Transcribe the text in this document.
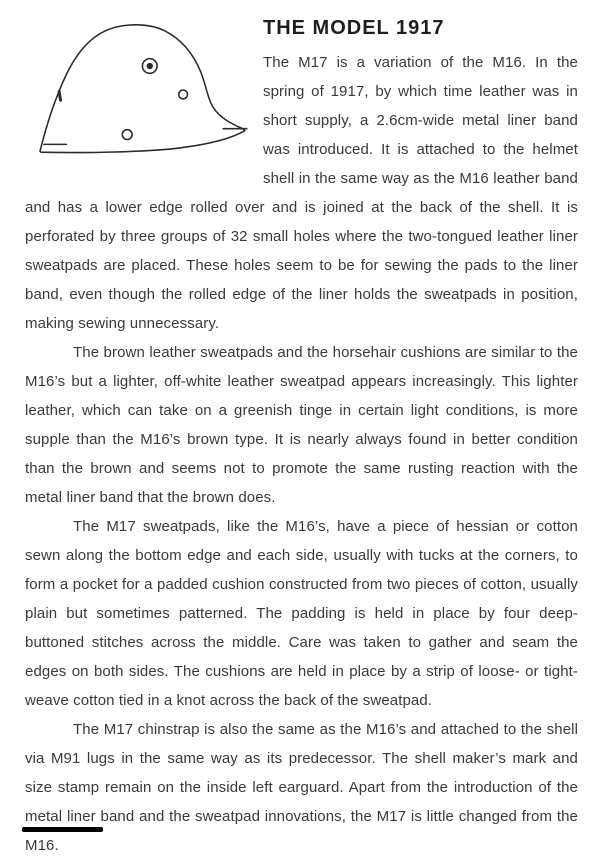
THE MODEL 1917

The M17 is a variation of the M16. In the spring of 1917, by which time leather was in short supply, a 2.6cm-wide metal liner band was introduced. It is attached to the helmet shell in the same way as the M16 leather band and has a lower edge rolled over and is joined at the back of the shell. It is perforated by three groups of 32 small holes where the two-tongued leather liner sweatpads are placed. These holes seem to be for sewing the pads to the liner band, even though the rolled edge of the liner holds the sweatpads in position, making sewing unnecessary.

The brown leather sweatpads and the horsehair cushions are similar to the M16’s but a lighter, off-white leather sweatpad appears increasingly. This lighter leather, which can take on a greenish tinge in certain light conditions, is more supple than the M16’s brown type. It is nearly always found in better condition than the brown and seems not to promote the same rusting reaction with the metal liner band that the brown does.

The M17 sweatpads, like the M16’s, have a piece of hessian or cotton sewn along the bottom edge and each side, usually with tucks at the corners, to form a pocket for a padded cushion constructed from two pieces of cotton, usually plain but sometimes patterned. The padding is held in place by four deep-buttoned stitches across the middle. Care was taken to gather and seam the edges on both sides. The cushions are held in place by a strip of loose- or tight-weave cotton tied in a knot across the back of the sweatpad.

The M17 chinstrap is also the same as the M16’s and attached to the shell via M91 lugs in the same way as its predecessor. The shell maker’s mark and size stamp remain on the inside left earguard. Apart from the introduction of the metal liner band and the sweatpad innovations, the M17 is little changed from the M16.
